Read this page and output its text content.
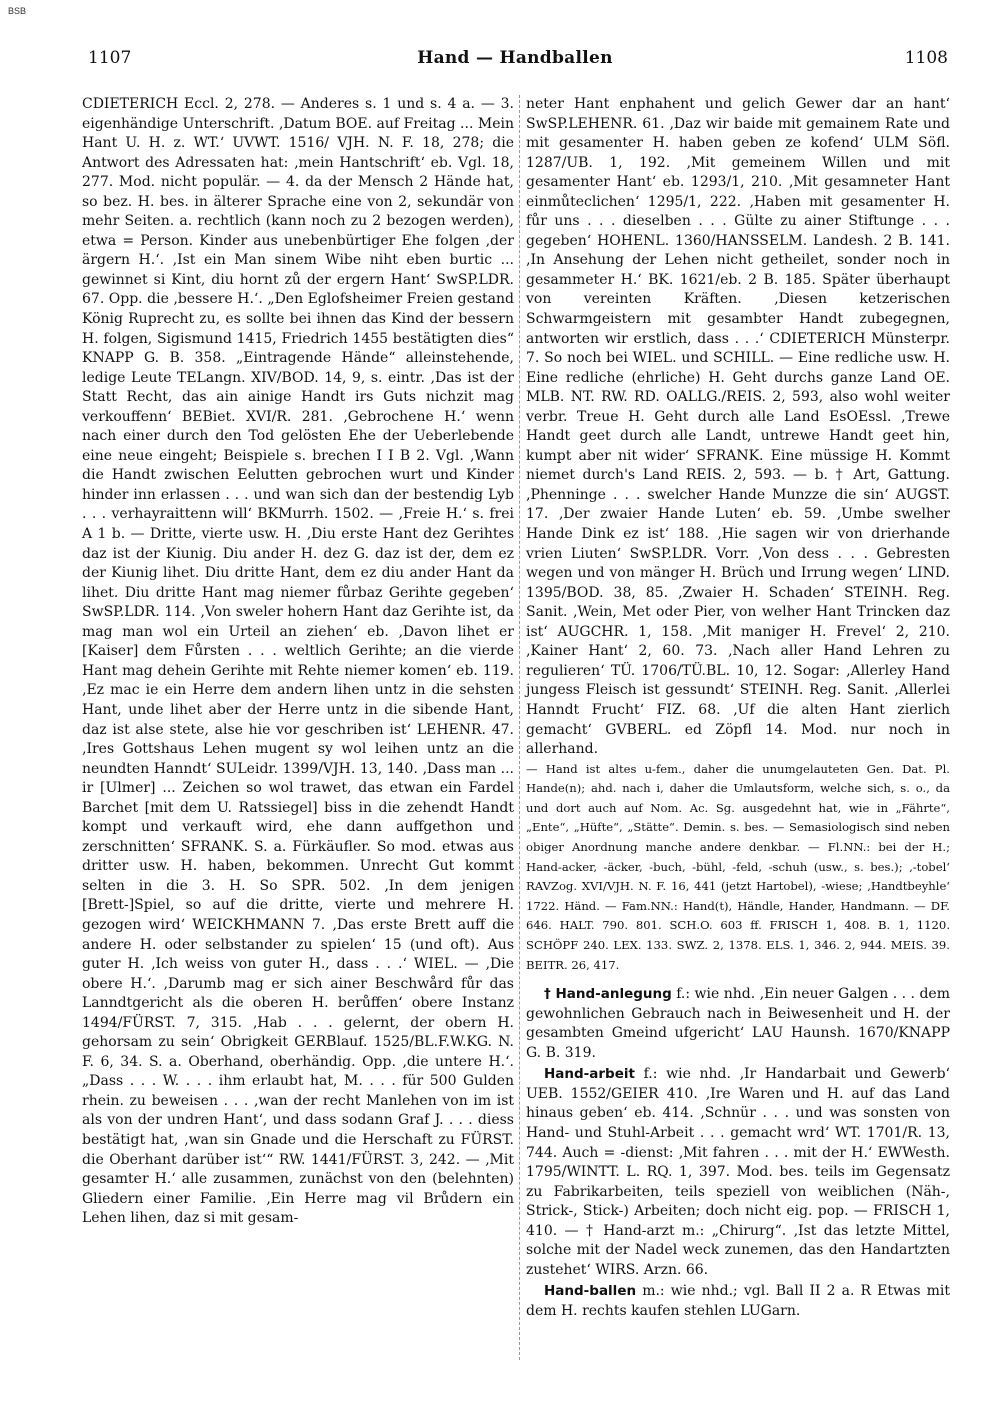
BSB
1107	Hand — Handballen	1108

CDIETERICH Eccl. 2, 278. — Anderes s. 1 und s. 4 a. — 3. eigenhändige Unterschrift. ‚Datum BOE. auf Freitag ... Mein Hant U. H. z. WT.‘ UVWT. 1516/ VJH. N. F. 18, 278; die Antwort des Adressaten hat: ‚mein Hantschrift‘ eb. Vgl. 18, 277. Mod. nicht populär. — 4. da der Mensch 2 Hände hat, so bez. H. bes. in älterer Sprache eine von 2, sekundär von mehr Seiten. a. rechtlich (kann noch zu 2 bezogen werden), etwa = Person. Kinder aus unebenbürtiger Ehe folgen ‚der ärgern H.‘. ‚Ist ein Man sinem Wibe niht eben burtic ... gewinnet si Kint, diu hornt zů der ergern Hant‘ SwSP.LDR. 67. Opp. die ‚bessere H.‘. „Den Eglofsheimer Freien gestand König Ruprecht zu, es sollte bei ihnen das Kind der bessern H. folgen, Sigismund 1415, Friedrich 1455 bestätigten dies“ KNAPP G. B. 358. „Eintragende Hände“ alleinstehende, ledige Leute TELangn. XIV/BOD. 14, 9, s. eintr. ‚Das ist der Statt Recht, das ain ainige Handt irs Guts nichzit mag verkouffenn‘ BEBiet. XVI/R. 281. ‚Gebrochene H.‘ wenn nach einer durch den Tod gelösten Ehe der Ueberlebende eine neue eingeht; Beispiele s. brechen I I B 2. Vgl. ‚Wann die Handt zwischen Eelutten gebrochen wurt und Kinder hinder inn erlassen . . . und wan sich dan der bestendig Lyb . . . verhayraittenn will‘ BKMurrh. 1502. — ‚Freie H.‘ s. frei A 1 b. — Dritte, vierte usw. H. ‚Diu erste Hant dez Gerihtes daz ist der Kiunig. Diu ander H. dez G. daz ist der, dem ez der Kiunig lihet. Diu dritte Hant, dem ez diu ander Hant da lihet. Diu dritte Hant mag niemer fůrbaz Gerihte gegeben‘ SwSP.LDR. 114. ‚Von sweler hohern Hant daz Gerihte ist, da mag man wol ein Urteil an ziehen‘ eb. ‚Davon lihet er [Kaiser] dem Fůrsten . . . weltlich Gerihte; an die vierde Hant mag dehein Gerihte mit Rehte niemer komen‘ eb. 119. ‚Ez mac ie ein Herre dem andern lihen untz in die sehsten Hant, unde lihet aber der Herre untz in die sibende Hant, daz ist alse stete, alse hie vor geschriben ist‘ LEHENR. 47. ‚Ires Gottshaus Lehen mugent sy wol leihen untz an die neundten Hanndt‘ SULeidr. 1399/VJH. 13, 140. ‚Dass man ... ir [Ulmer] ... Zeichen so wol trawet, das etwan ein Fardel Barchet [mit dem U. Ratssiegel] biss in die zehendt Handt kompt und verkauft wird, ehe dann auffgethon und zerschnitten‘ SFRANK. S. a. Fürkäufler. So mod. etwas aus dritter usw. H. haben, bekommen. Unrecht Gut kommt selten in die 3. H. So SPR. 502. ‚In dem jenigen [Brett-]Spiel, so auf die dritte, vierte und mehrere H. gezogen wird‘ WEICKHMANN 7. ‚Das erste Brett auff die andere H. oder selbstander zu spielen‘ 15 (und oft). Aus guter H. ‚Ich weiss von guter H., dass . . .‘ WIEL. — ‚Die obere H.‘. ‚Darumb mag er sich ainer Beschwård fůr das Lanndtgericht als die oberen H. berůffen‘ obere Instanz 1494/FÜRST. 7, 315. ‚Hab . . . gelernt, der obern H. gehorsam zu sein‘ Obrigkeit GERBlauf. 1525/BL.F.W.KG. N. F. 6, 34. S. a. Oberhand, oberhändig. Opp. ‚die untere H.‘. „Dass . . . W. . . . ihm erlaubt hat, M. . . . für 500 Gulden rhein. zu beweisen . . . ‚wan der recht Manlehen von im ist als von der undren Hant‘, und dass sodann Graf J. . . . diess bestätigt hat, ‚wan sin Gnade und die Herschaft zu FÜRST. die Oberhant darüber ist‘“ RW. 1441/FÜRST. 3, 242. — ‚Mit gesamter H.‘ alle zusammen, zunächst von den (belehnten) Gliedern einer Familie. ‚Ein Herre mag vil Brůdern ein Lehen lihen, daz si mit gesam-

neter Hant enphahent und gelich Gewer dar an hant‘ SwSP.LEHENR. 61. ‚Daz wir baide mit gemainem Rate und mit gesamenter H. haben geben ze kofend‘ ULM Söfl. 1287/UB. 1, 192. ‚Mit gemeinem Willen und mit gesamenter Hant‘ eb. 1293/1, 210. ‚Mit gesamneter Hant einmůteclichen‘ 1295/1, 222. ‚Haben mit gesamenter H. fůr uns . . . dieselben . . . Gülte zu ainer Stiftunge . . . gegeben‘ HOHENL. 1360/HANSSELM. Landesh. 2 B. 141. ‚In Ansehung der Lehen nicht getheilet, sonder noch in gesammeter H.‘ BK. 1621/eb. 2 B. 185. Später überhaupt von vereinten Kräften. ‚Diesen ketzerischen Schwarmgeistern mit gesambter Handt zubegegnen, antworten wir erstlich, dass . . .‘ CDIETERICH Münsterpr. 7. So noch bei WIEL. und SCHILL. — Eine redliche usw. H. Eine redliche (ehrliche) H. Geht durchs ganze Land OE. MLB. NT. RW. RD. OALLG./REIS. 2, 593, also wohl weiter verbr. Treue H. Geht durch alle Land EsOEssl. ‚Trewe Handt geet durch alle Landt, untrewe Handt geet hin, kumpt aber nit wider‘ SFRANK. Eine müssige H. Kommt niemet durch's Land REIS. 2, 593. — b. † Art, Gattung. ‚Phenninge . . . swelcher Hande Munzze die sin‘ AUGST. 17. ‚Der zwaier Hande Luten‘ eb. 59. ‚Umbe swelher Hande Dink ez ist‘ 188. ‚Hie sagen wir von drierhande vrien Liuten‘ SwSP.LDR. Vorr. ‚Von dess . . . Gebresten wegen und von mänger H. Brüch und Irrung wegen‘ LIND. 1395/BOD. 38, 85. ‚Zwaier H. Schaden‘ STEINH. Reg. Sanit. ‚Wein, Met oder Pier, von welher Hant Trincken daz ist‘ AUGCHR. 1, 158. ‚Mit maniger H. Frevel‘ 2, 210. ‚Kainer Hant‘ 2, 60. 73. ‚Nach aller Hand Lehren zu regulieren‘ TÜ. 1706/TÜ.BL. 10, 12. Sogar: ‚Allerley Hand jungess Fleisch ist gessundt‘ STEINH. Reg. Sanit. ‚Allerlei Hanndt Frucht‘ FIZ. 68. ‚Uf die alten Hant zierlich gemacht‘ GVBERL. ed Zöpfl 14. Mod. nur noch in allerhand.

— Hand ist altes u-fem., daher die unumgelauteten Gen. Dat. Pl. Hande(n); ahd. nach i, daher die Umlautsform, welche sich, s. o., da und dort auch auf Nom. Ac. Sg. ausgedehnt hat, wie in „Fährte“, „Ente“, „Hüfte“, „Stätte“. Demin. s. bes. — Semasiologisch sind neben obiger Anordnung manche andere denkbar. — Fl.NN.: bei der H.; Hand-acker, -äcker, -buch, -bühl, -feld, -schuh (usw., s. bes.); ‚-tobel‘ RAVZog. XVI/VJH. N. F. 16, 441 (jetzt Hartobel), -wiese; ‚Handtbeyhle‘ 1722. Händ. — Fam.NN.: Hand(t), Händle, Hander, Handmann. — DF. 646. HALT. 790. 801. SCH.O. 603 ff. FRISCH 1, 408. B. 1, 1120. SCHÖPF 240. LEX. 133. SWZ. 2, 1378. ELS. 1, 346. 2, 944. MEIS. 39. BEITR. 26, 417.

† Hand-anlegung f.: wie nhd. ‚Ein neuer Galgen . . . dem gewohnlichen Gebrauch nach in Beiwesenheit und H. der gesambten Gmeind ufgericht‘ LAU Haunsh. 1670/KNAPP G. B. 319.

Hand-arbeit f.: wie nhd. ‚Ir Handarbait und Gewerb‘ UEB. 1552/GEIER 410. ‚Ire Waren und H. auf das Land hinaus geben‘ eb. 414. ‚Schnür . . . und was sonsten von Hand- und Stuhl-Arbeit . . . gemacht wrd‘ WT. 1701/R. 13, 744. Auch = -dienst: ‚Mit fahren . . . mit der H.‘ EWWesth. 1795/WINTT. L. RQ. 1, 397. Mod. bes. teils im Gegensatz zu Fabrikarbeiten, teils speziell von weiblichen (Näh-, Strick-, Stick-) Arbeiten; doch nicht eig. pop. — FRISCH 1, 410. — † Hand-arzt m.: „Chirurg“. ‚Ist das letzte Mittel, solche mit der Nadel weck zunemen, das den Handartzten zustehet‘ WIRS. Arzn. 66.

Hand-ballen m.: wie nhd.; vgl. Ball II 2 a. R Etwas mit dem H. rechts kaufen stehlen LUGarn.
